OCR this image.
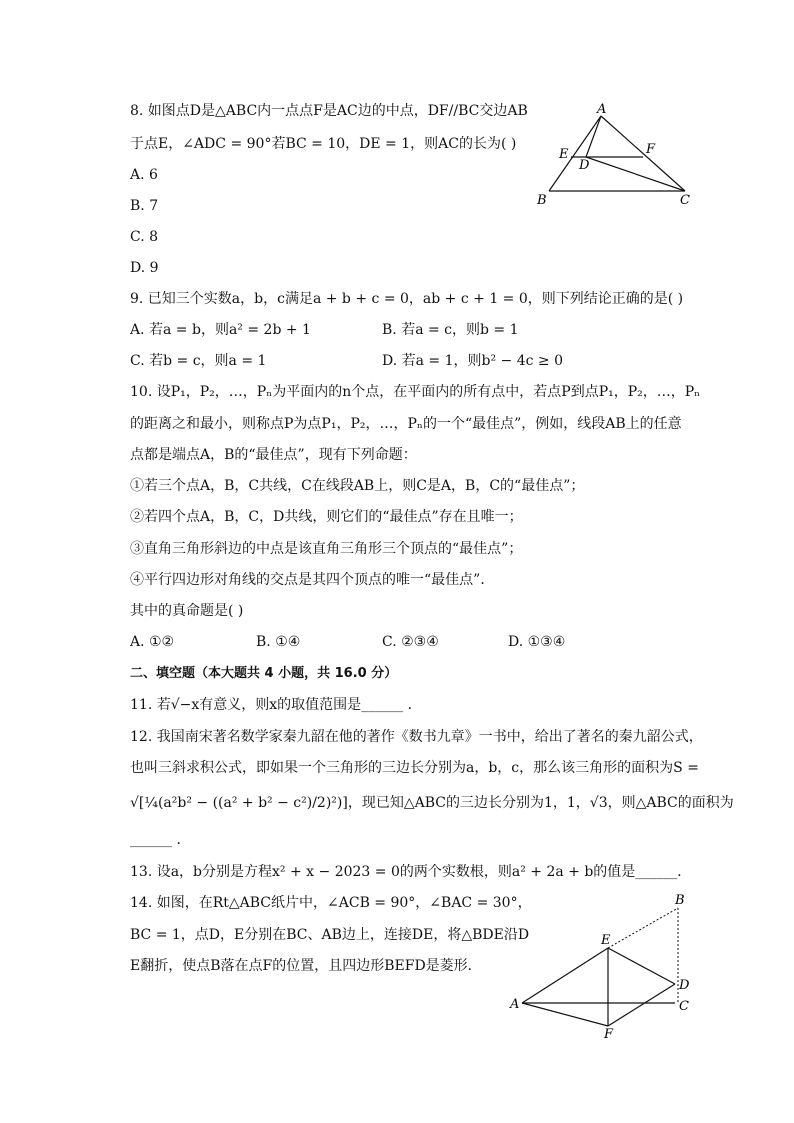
8. 如图点D是△ABC内一点点F是AC边的中点，DF//BC交边AB
于点E，∠ADC = 90°若BC = 10，DE = 1，则AC的长为( )
A. 6
B. 7
C. 8
D. 9
A
B	C
D
E	F
9. 已知三个实数a，b，c满足a + b + c = 0，ab + c + 1 = 0，则下列结论正确的是( )
A. 若a = b，则a² = 2b + 1	B. 若a = c，则b = 1
C. 若b = c，则a = 1	D. 若a = 1，则b² − 4c ≥ 0
10. 设P₁，P₂，…，Pₙ为平面内的n个点，在平面内的所有点中，若点P到点P₁，P₂，…，Pₙ
的距离之和最小，则称点P为点P₁，P₂，…，Pₙ的一个“最佳点”，例如，线段AB上的任意
点都是端点A，B的“最佳点”，现有下列命题：
①若三个点A，B，C共线，C在线段AB上，则C是A，B，C的“最佳点”；
②若四个点A，B，C，D共线，则它们的“最佳点”存在且唯一；
③直角三角形斜边的中点是该直角三角形三个顶点的“最佳点”；
④平行四边形对角线的交点是其四个顶点的唯一“最佳点”．
其中的真命题是( )
A. ①②	B. ①④	C. ②③④	D. ①③④
二、填空题（本大题共 4 小题，共 16.0 分）
11. 若√−x有意义，则x的取值范围是______ ．
12. 我国南宋著名数学家秦九韶在他的著作《数书九章》一书中，给出了著名的秦九韶公式，
也叫三斜求积公式，即如果一个三角形的三边长分别为a，b，c，那么该三角形的面积为S =
√[¼(a²b² − ((a² + b² − c²)/2)²)]，现已知△ABC的三边长分别为1，1，√3，则△ABC的面积为
______ ．
13. 设a，b分别是方程x² + x − 2023 = 0的两个实数根，则a² + 2a + b的值是______．
14. 如图，在Rt△ABC纸片中，∠ACB = 90°，∠BAC = 30°，
BC = 1，点D，E分别在BC、AB边上，连接DE，将△BDE沿D
E翻折，使点B落在点F的位置，且四边形BEFD是菱形．
B
E
D
A	C
F
